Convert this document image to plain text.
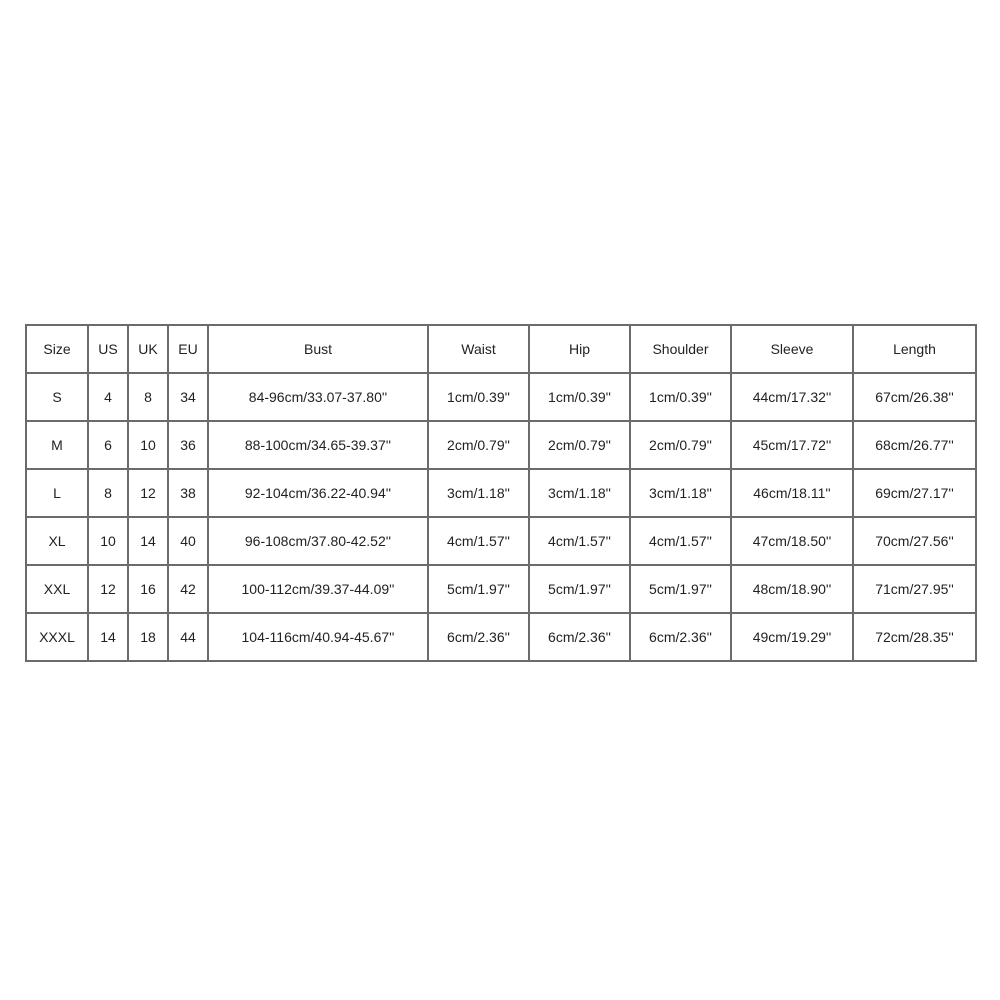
Size	US	UK	EU	Bust	Waist	Hip	Shoulder	Sleeve	Length
S	4	8	34	84-96cm/33.07-37.80''	1cm/0.39''	1cm/0.39''	1cm/0.39''	44cm/17.32''	67cm/26.38''
M	6	10	36	88-100cm/34.65-39.37''	2cm/0.79''	2cm/0.79''	2cm/0.79''	45cm/17.72''	68cm/26.77''
L	8	12	38	92-104cm/36.22-40.94''	3cm/1.18''	3cm/1.18''	3cm/1.18''	46cm/18.11''	69cm/27.17''
XL	10	14	40	96-108cm/37.80-42.52''	4cm/1.57''	4cm/1.57''	4cm/1.57''	47cm/18.50''	70cm/27.56''
XXL	12	16	42	100-112cm/39.37-44.09''	5cm/1.97''	5cm/1.97''	5cm/1.97''	48cm/18.90''	71cm/27.95''
XXXL	14	18	44	104-116cm/40.94-45.67''	6cm/2.36''	6cm/2.36''	6cm/2.36''	49cm/19.29''	72cm/28.35''
